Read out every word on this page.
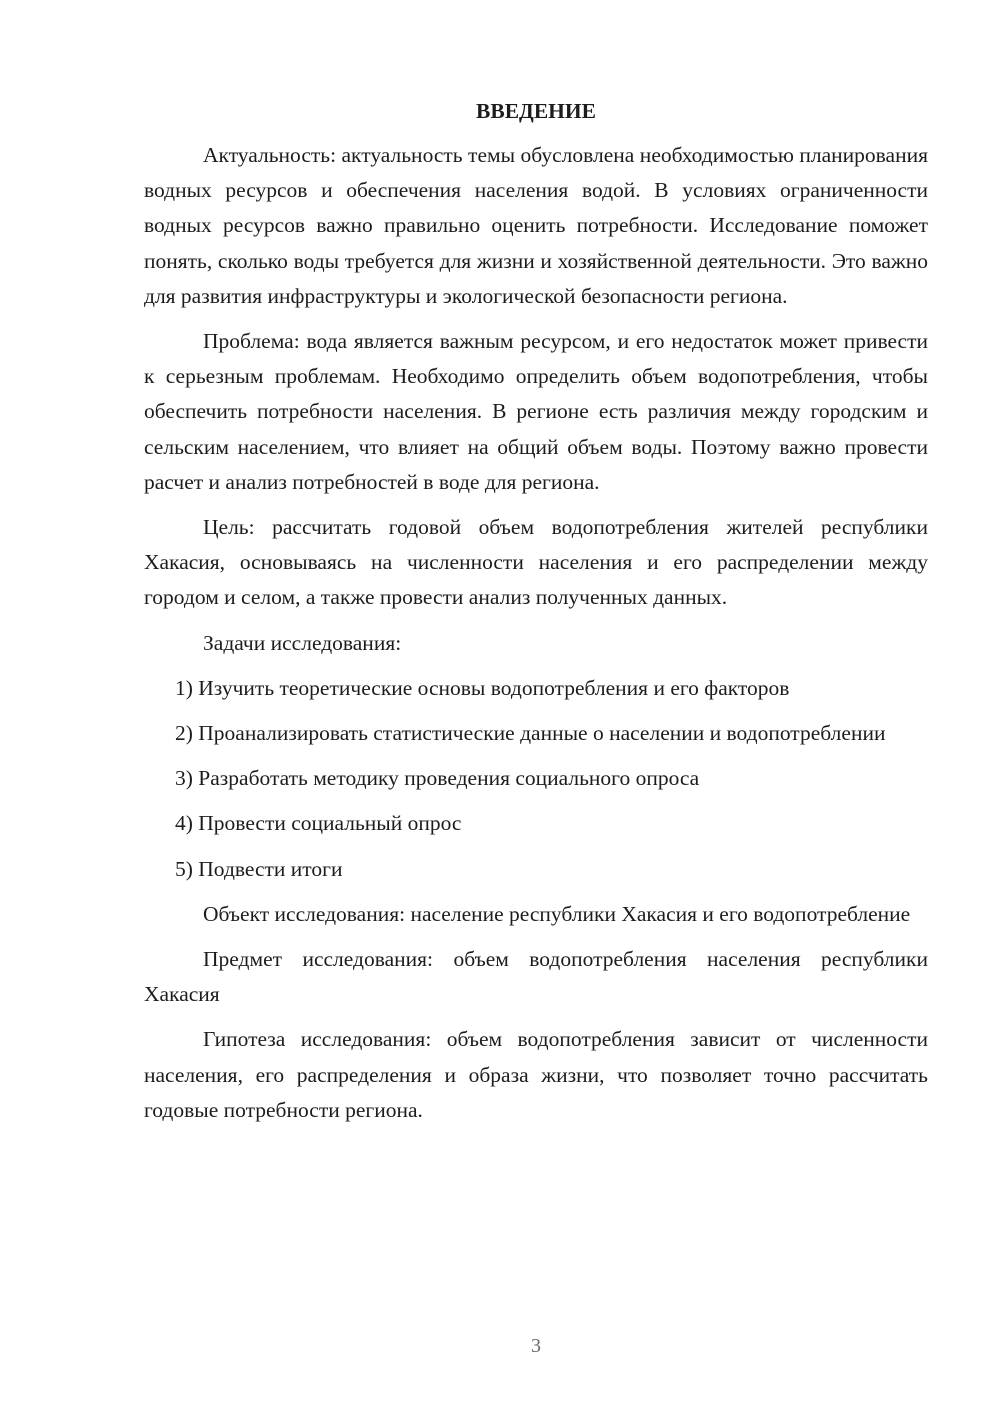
ВВЕДЕНИЕ

Актуальность: актуальность темы обусловлена необходимостью планирования водных ресурсов и обеспечения населения водой. В условиях ограниченности водных ресурсов важно правильно оценить потребности. Исследование поможет понять, сколько воды требуется для жизни и хозяйственной деятельности. Это важно для развития инфраструктуры и экологической безопасности региона.

Проблема: вода является важным ресурсом, и его недостаток может привести к серьезным проблемам. Необходимо определить объем водопотребления, чтобы обеспечить потребности населения. В регионе есть различия между городским и сельским населением, что влияет на общий объем воды. Поэтому важно провести расчет и анализ потребностей в воде для региона.

Цель: рассчитать годовой объем водопотребления жителей республики Хакасия, основываясь на численности населения и его распределении между городом и селом, а также провести анализ полученных данных.

Задачи исследования:

1) Изучить теоретические основы водопотребления и его факторов

2) Проанализировать статистические данные о населении и водопотреблении

3) Разработать методику проведения социального опроса

4) Провести социальный опрос

5) Подвести итоги

Объект исследования: население республики Хакасия и его водопотребление

Предмет исследования: объем водопотребления населения республики Хакасия

Гипотеза исследования: объем водопотребления зависит от численности населения, его распределения и образа жизни, что позволяет точно рассчитать годовые потребности региона.

3
